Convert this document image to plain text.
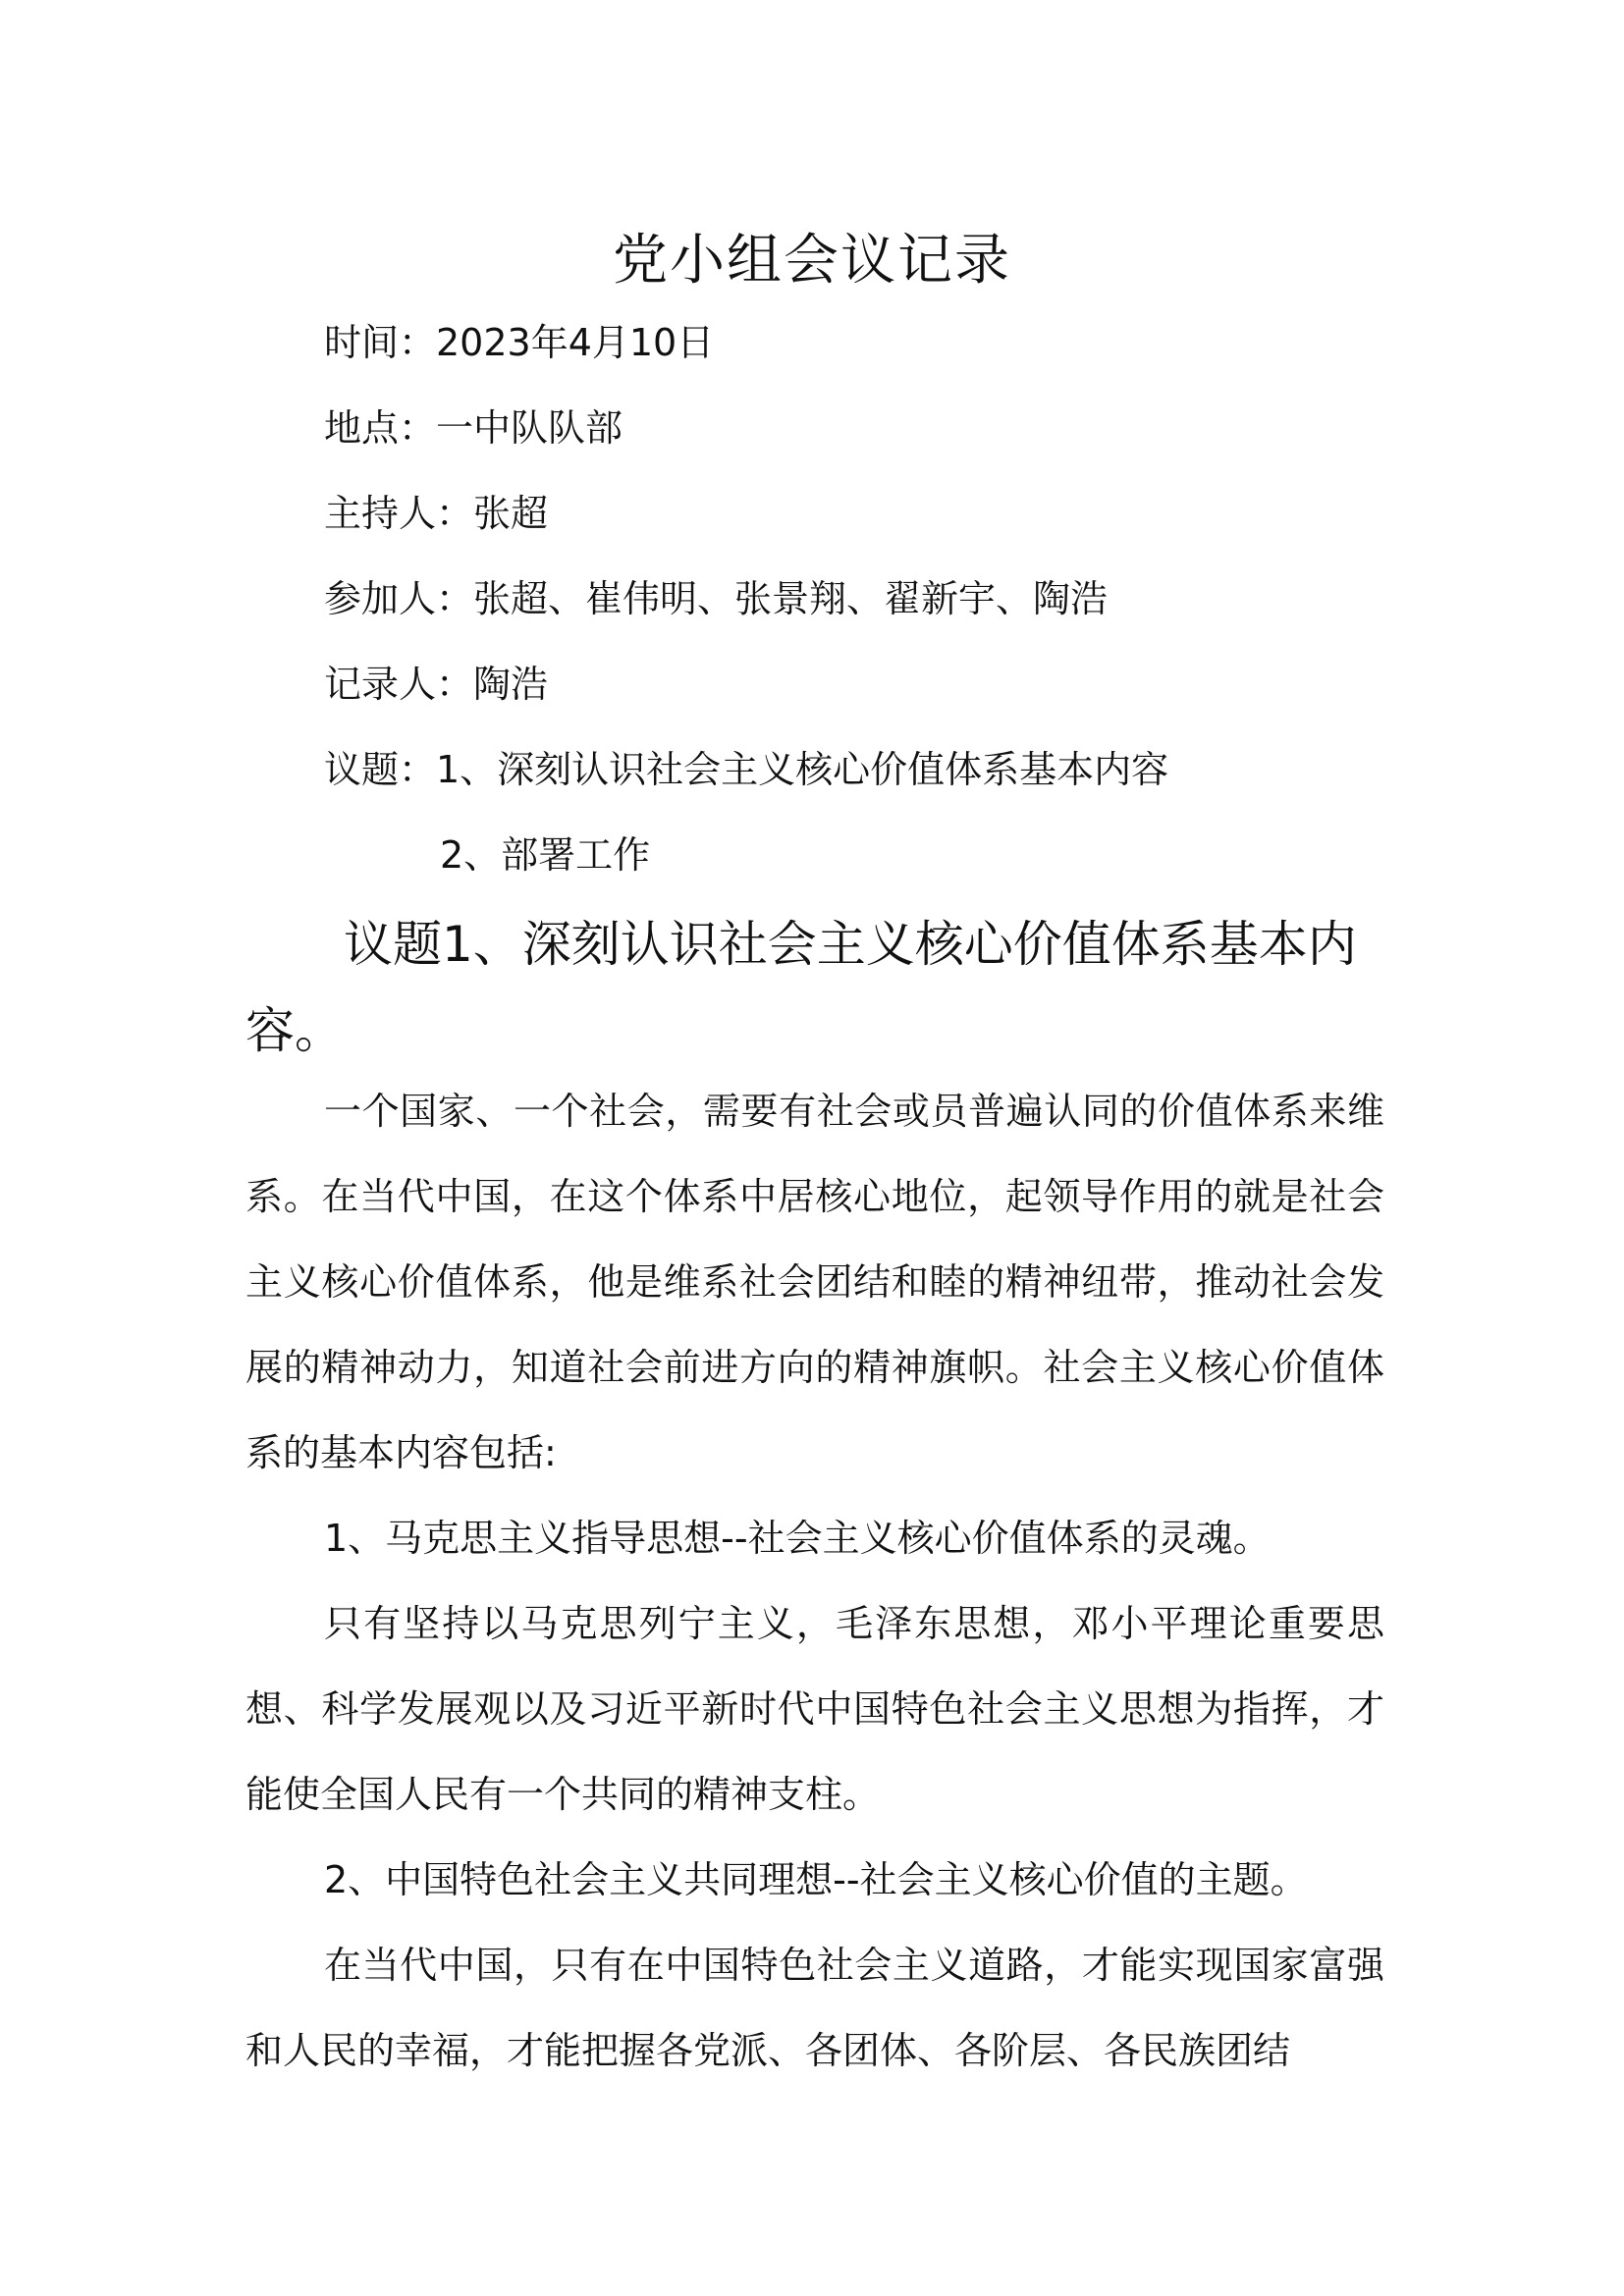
党小组会议记录

时间：2023年4月10日

地点：一中队队部

主持人：张超

参加人：张超、崔伟明、张景翔、翟新宇、陶浩

记录人：陶浩

议题：1、深刻认识社会主义核心价值体系基本内容

2、部署工作

议题1、深刻认识社会主义核心价值体系基本内容。

一个国家、一个社会，需要有社会或员普遍认同的价值体系来维系。在当代中国，在这个体系中居核心地位，起领导作用的就是社会主义核心价值体系，他是维系社会团结和睦的精神纽带，推动社会发展的精神动力，知道社会前进方向的精神旗帜。社会主义核心价值体系的基本内容包括:

1、马克思主义指导思想--社会主义核心价值体系的灵魂。

只有坚持以马克思列宁主义，毛泽东思想，邓小平理论重要思想、科学发展观以及习近平新时代中国特色社会主义思想为指挥，才能使全国人民有一个共同的精神支柱。

2、中国特色社会主义共同理想--社会主义核心价值的主题。

在当代中国，只有在中国特色社会主义道路，才能实现国家富强和人民的幸福，才能把握各党派、各团体、各阶层、各民族团结
